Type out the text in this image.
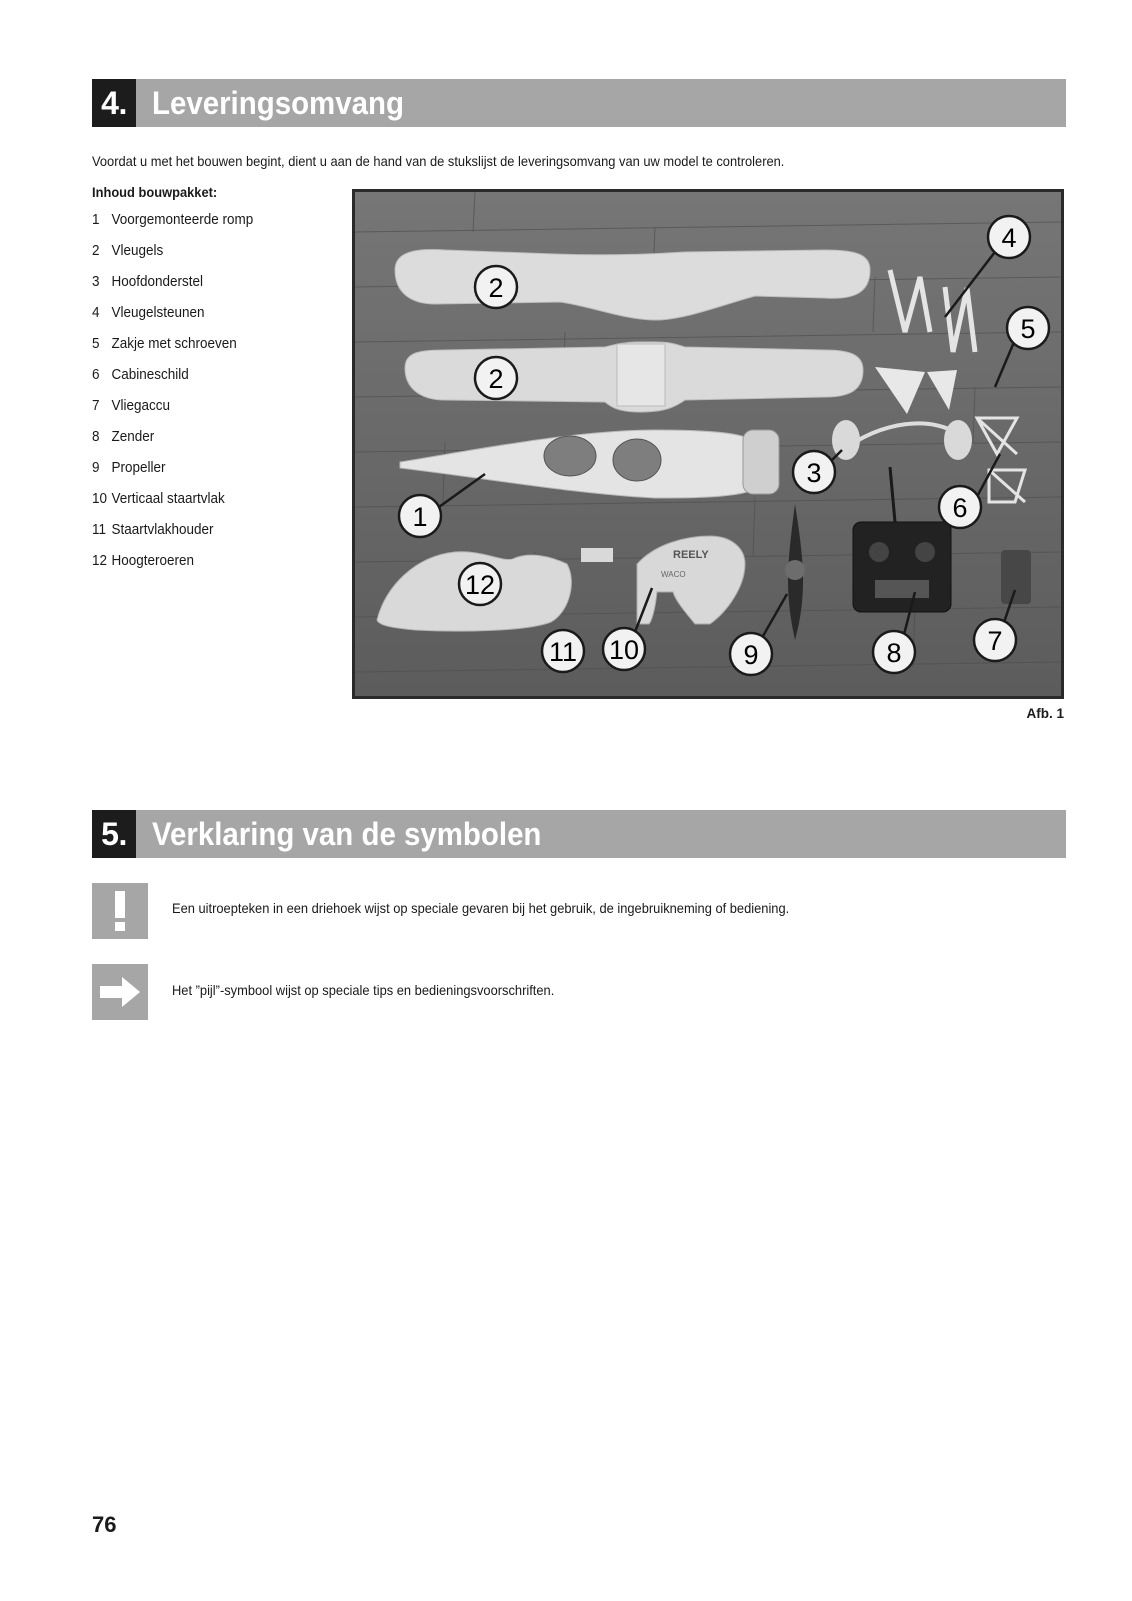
4. Leveringsomvang
Voordat u met het bouwen begint, dient u aan de hand van de stukslijst de leveringsomvang van uw model te controleren.
Inhoud bouwpakket:
1 Voorgemonteerde romp
2 Vleugels
3 Hoofdonderstel
4 Vleugelsteunen
5 Zakje met schroeven
6 Cabineschild
7 Vliegaccu
8 Zender
9 Propeller
10 Verticaal staartvlak
11 Staartvlakhouder
12 Hoogteroeren	REELY
WACO
1
2
2
3
4
5
6
7
8
9
10
11
12
Afb. 1
5. Verklaring van de symbolen
Een uitroepteken in een driehoek wijst op speciale gevaren bij het gebruik, de ingebruikneming of bediening.
Het ”pijl”-symbool wijst op speciale tips en bedieningsvoorschriften.
76
